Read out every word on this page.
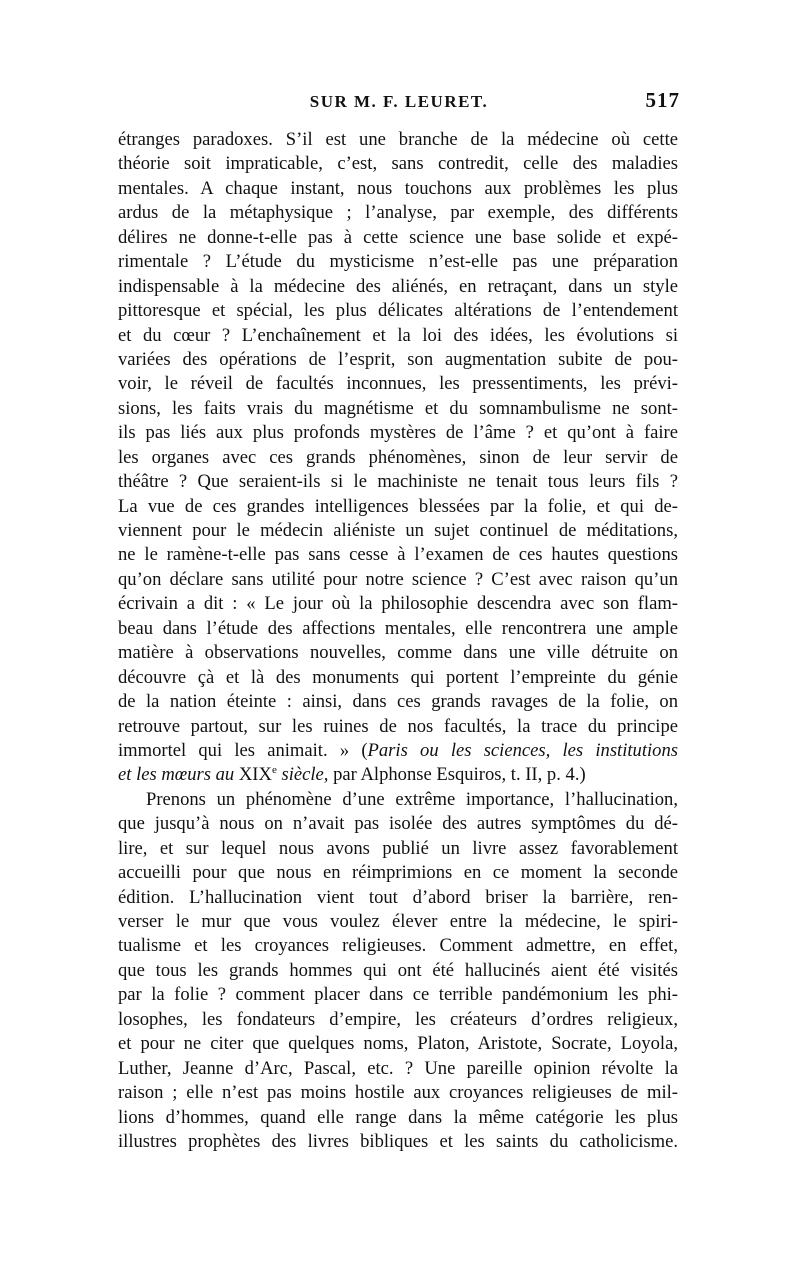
SUR M. F. LEURET.	517
étranges paradoxes. S’il est une branche de la médecine où cette
théorie soit impraticable, c’est, sans contredit, celle des maladies
mentales. A chaque instant, nous touchons aux problèmes les plus
ardus de la métaphysique ; l’analyse, par exemple, des différents
délires ne donne-t-elle pas à cette science une base solide et expé-
rimentale ? L’étude du mysticisme n’est-elle pas une préparation
indispensable à la médecine des aliénés, en retraçant, dans un style
pittoresque et spécial, les plus délicates altérations de l’entendement
et du cœur ? L’enchaînement et la loi des idées, les évolutions si
variées des opérations de l’esprit, son augmentation subite de pou-
voir, le réveil de facultés inconnues, les pressentiments, les prévi-
sions, les faits vrais du magnétisme et du somnambulisme ne sont-
ils pas liés aux plus profonds mystères de l’âme ? et qu’ont à faire
les organes avec ces grands phénomènes, sinon de leur servir de
théâtre ? Que seraient-ils si le machiniste ne tenait tous leurs fils ?
La vue de ces grandes intelligences blessées par la folie, et qui de-
viennent pour le médecin aliéniste un sujet continuel de méditations,
ne le ramène-t-elle pas sans cesse à l’examen de ces hautes questions
qu’on déclare sans utilité pour notre science ? C’est avec raison qu’un
écrivain a dit : « Le jour où la philosophie descendra avec son flam-
beau dans l’étude des affections mentales, elle rencontrera une ample
matière à observations nouvelles, comme dans une ville détruite on
découvre çà et là des monuments qui portent l’empreinte du génie
de la nation éteinte : ainsi, dans ces grands ravages de la folie, on
retrouve partout, sur les ruines de nos facultés, la trace du principe
immortel qui les animait. » (Paris ou les sciences, les institutions
et les mœurs au XIXe siècle, par Alphonse Esquiros, t. II, p. 4.)
Prenons un phénomène d’une extrême importance, l’hallucination,
que jusqu’à nous on n’avait pas isolée des autres symptômes du dé-
lire, et sur lequel nous avons publié un livre assez favorablement
accueilli pour que nous en réimprimions en ce moment la seconde
édition. L’hallucination vient tout d’abord briser la barrière, ren-
verser le mur que vous voulez élever entre la médecine, le spiri-
tualisme et les croyances religieuses. Comment admettre, en effet,
que tous les grands hommes qui ont été hallucinés aient été visités
par la folie ? comment placer dans ce terrible pandémonium les phi-
losophes, les fondateurs d’empire, les créateurs d’ordres religieux,
et pour ne citer que quelques noms, Platon, Aristote, Socrate, Loyola,
Luther, Jeanne d’Arc, Pascal, etc. ? Une pareille opinion révolte la
raison ; elle n’est pas moins hostile aux croyances religieuses de mil-
lions d’hommes, quand elle range dans la même catégorie les plus
illustres prophètes des livres bibliques et les saints du catholicisme.
